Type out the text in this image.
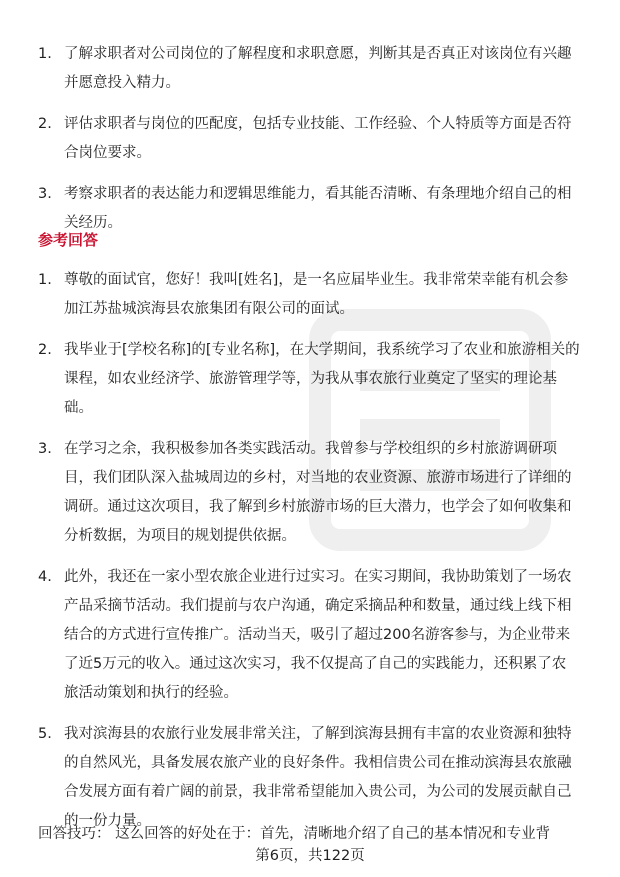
1. 了解求职者对公司岗位的了解程度和求职意愿，判断其是否真正对该岗位有兴趣并愿意投入精力。
2. 评估求职者与岗位的匹配度，包括专业技能、工作经验、个人特质等方面是否符合岗位要求。
3. 考察求职者的表达能力和逻辑思维能力，看其能否清晰、有条理地介绍自己的相关经历。
参考回答
1. 尊敬的面试官，您好！我叫[姓名]，是一名应届毕业生。我非常荣幸能有机会参加江苏盐城滨海县农旅集团有限公司的面试。
2. 我毕业于[学校名称]的[专业名称]，在大学期间，我系统学习了农业和旅游相关的课程，如农业经济学、旅游管理学等，为我从事农旅行业奠定了坚实的理论基础。
3. 在学习之余，我积极参加各类实践活动。我曾参与学校组织的乡村旅游调研项目，我们团队深入盐城周边的乡村，对当地的农业资源、旅游市场进行了详细的调研。通过这次项目，我了解到乡村旅游市场的巨大潜力，也学会了如何收集和分析数据，为项目的规划提供依据。
4. 此外，我还在一家小型农旅企业进行过实习。在实习期间，我协助策划了一场农产品采摘节活动。我们提前与农户沟通，确定采摘品种和数量，通过线上线下相结合的方式进行宣传推广。活动当天，吸引了超过200名游客参与，为企业带来了近5万元的收入。通过这次实习，我不仅提高了自己的实践能力，还积累了农旅活动策划和执行的经验。
5. 我对滨海县的农旅行业发展非常关注，了解到滨海县拥有丰富的农业资源和独特的自然风光，具备发展农旅产业的良好条件。我相信贵公司在推动滨海县农旅融合发展方面有着广阔的前景，我非常希望能加入贵公司，为公司的发展贡献自己的一份力量。
回答技巧： 这么回答的好处在于：首先，清晰地介绍了自己的基本情况和专业背
第6页，共122页
